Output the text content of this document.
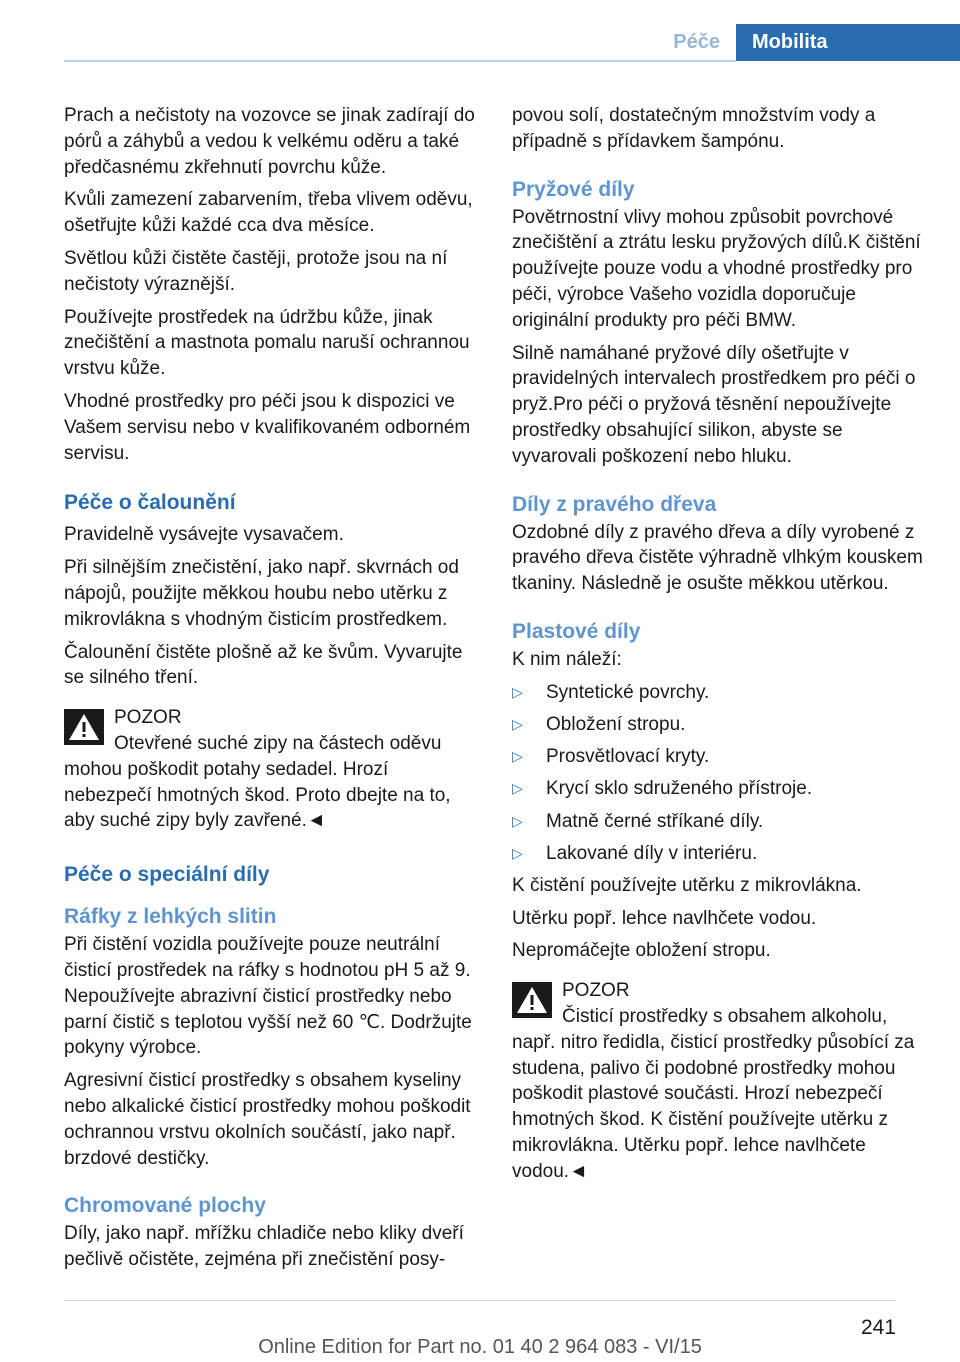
Péče	Mobilita

Prach a nečistoty na vozovce se jinak zadírají do pórů a záhybů a vedou k velkému oděru a také předčasnému zkřehnutí povrchu kůže.

Kvůli zamezení zabarvením, třeba vlivem oděvu, ošetřujte kůži každé cca dva měsíce.

Světlou kůži čistěte častěji, protože jsou na ní nečistoty výraznější.

Používejte prostředek na údržbu kůže, jinak znečištění a mastnota pomalu naruší ochrannou vrstvu kůže.

Vhodné prostředky pro péči jsou k dispozici ve Vašem servisu nebo v kvalifikovaném odborném servisu.

Péče o čalounění

Pravidelně vysávejte vysavačem.

Při silnějším znečistění, jako např. skvrnách od nápojů, použijte měkkou houbu nebo utěrku z mikrovlákna s vhodným čisticím prostředkem.

Čalounění čistěte plošně až ke švům. Vyvarujte se silného tření.

POZOR
Otevřené suché zipy na částech oděvu
mohou poškodit potahy sedadel. Hrozí nebezpečí hmotných škod. Proto dbejte na to, aby suché zipy byly zavřené.◄
Péče o speciální díly
Ráfky z lehkých slitin

Při čistění vozidla používejte pouze neutrální čisticí prostředek na ráfky s hodnotou pH 5 až 9. Nepoužívejte abrazivní čisticí prostředky nebo parní čistič s teplotou vyšší než 60 ℃. Dodržujte pokyny výrobce.

Agresivní čisticí prostředky s obsahem kyseliny nebo alkalické čisticí prostředky mohou poškodit ochrannou vrstvu okolních součástí, jako např. brzdové destičky.

Chromované plochy

Díly, jako např. mřížku chladiče nebo kliky dveří pečlivě očistěte, zejména při znečistění posy-

povou solí, dostatečným množstvím vody a případně s přídavkem šampónu.

Pryžové díly

Povětrnostní vlivy mohou způsobit povrchové znečištění a ztrátu lesku pryžových dílů.K čištění používejte pouze vodu a vhodné prostředky pro péči, výrobce Vašeho vozidla doporučuje originální produkty pro péči BMW.

Silně namáhané pryžové díly ošetřujte v pravidelných intervalech prostředkem pro péči o pryž.Pro péči o pryžová těsnění nepoužívejte prostředky obsahující silikon, abyste se vyvarovali poškození nebo hluku.

Díly z pravého dřeva

Ozdobné díly z pravého dřeva a díly vyrobené z pravého dřeva čistěte výhradně vlhkým kouskem tkaniny. Následně je osušte měkkou utěrkou.

Plastové díly

K nim náleží:

▷ Syntetické povrchy.
▷ Obložení stropu.
▷ Prosvětlovací kryty.
▷ Krycí sklo sdruženého přístroje.
▷ Matně černé stříkané díly.
▷ Lakované díly v interiéru.

K čistění používejte utěrku z mikrovlákna.

Utěrku popř. lehce navlhčete vodou.

Nepromáčejte obložení stropu.

POZOR
Čisticí prostředky s obsahem alkoholu,
např. nitro ředidla, čisticí prostředky působící za studena, palivo či podobné prostředky mohou poškodit plastové součásti. Hrozí nebezpečí hmotných škod. K čistění používejte utěrku z mikrovlákna. Utěrku popř. lehce navlhčete vodou.◄
241
Online Edition for Part no. 01 40 2 964 083 - VI/15
